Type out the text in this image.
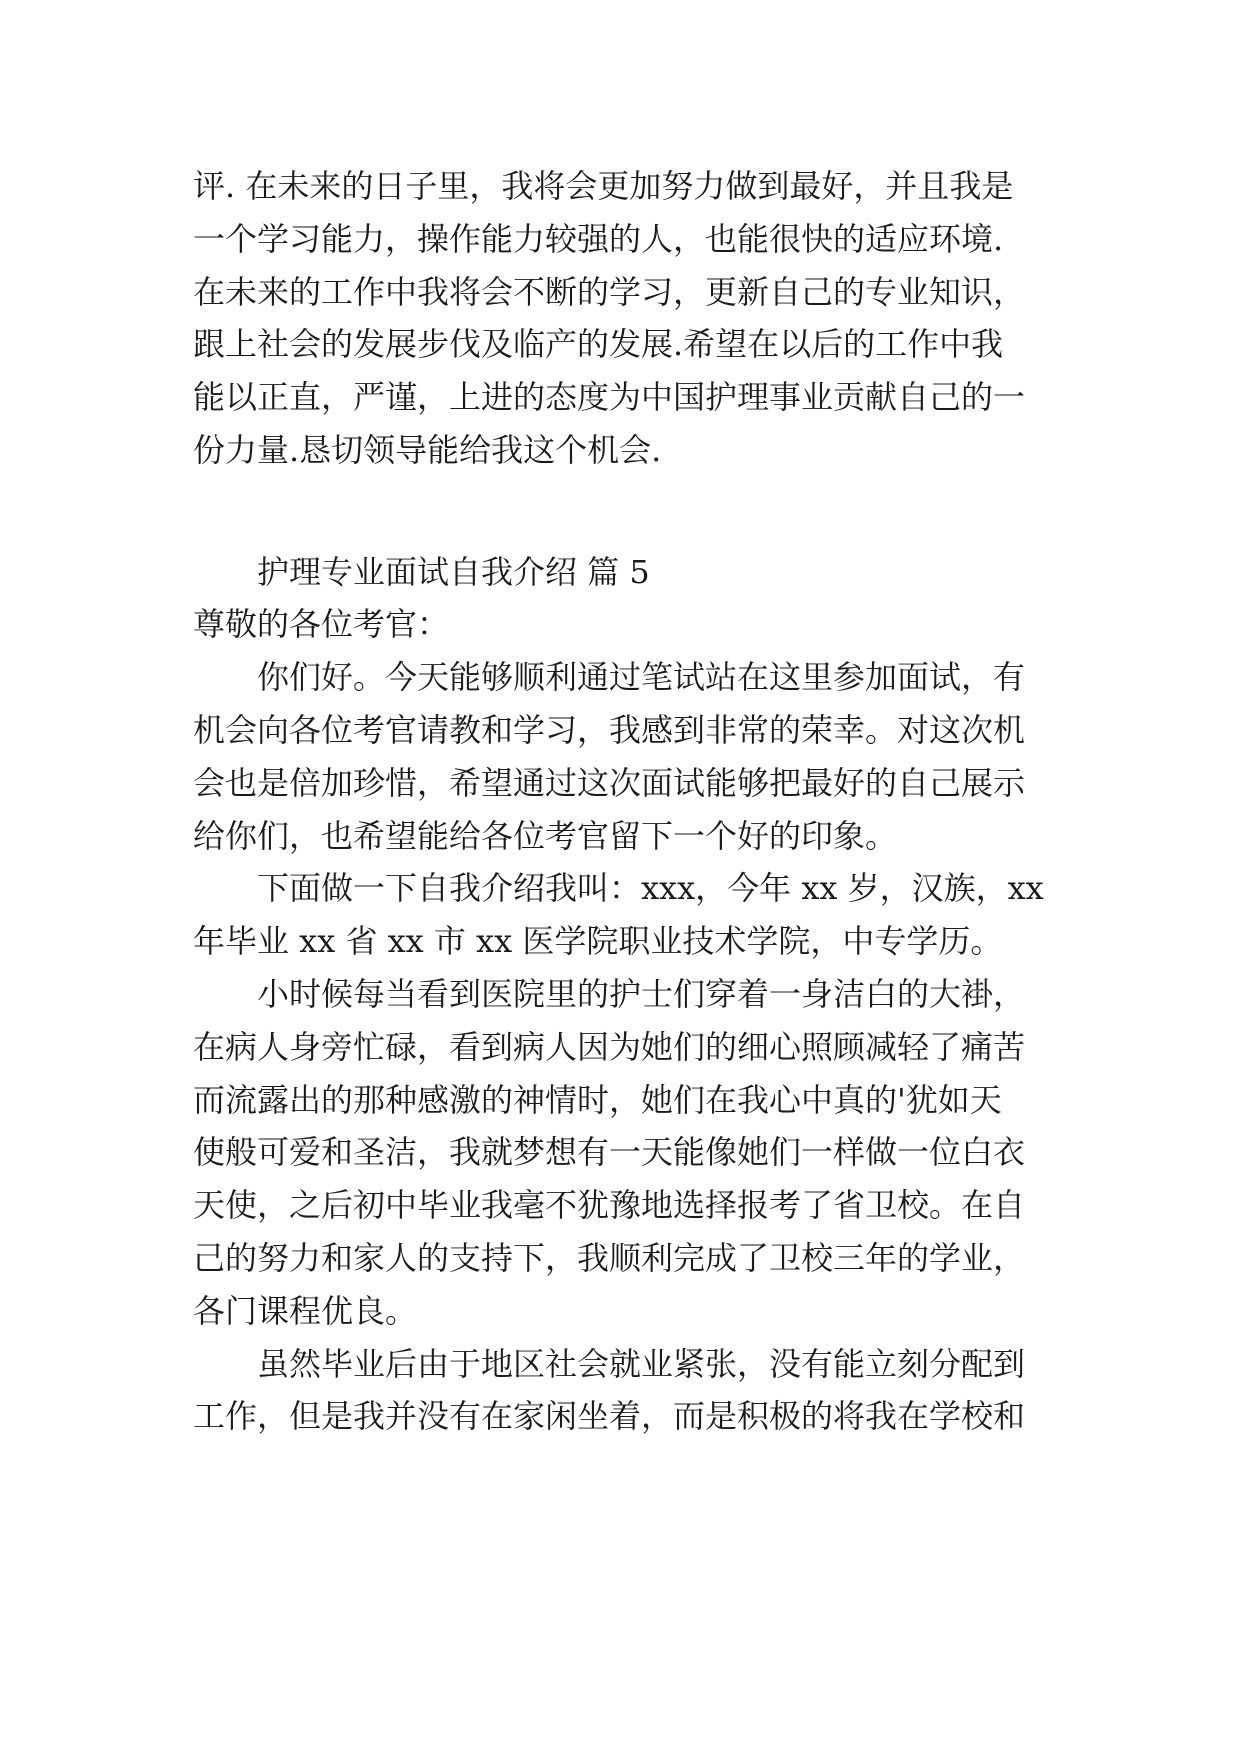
评. 在未来的日子里，我将会更加努力做到最好，并且我是
一个学习能力，操作能力较强的人，也能很快的适应环境.
在未来的工作中我将会不断的学习，更新自己的专业知识，
跟上社会的发展步伐及临产的发展.希望在以后的工作中我
能以正直，严谨，上进的态度为中国护理事业贡献自己的一
份力量.恳切领导能给我这个机会.
护理专业面试自我介绍 篇 5
尊敬的各位考官：
你们好。今天能够顺利通过笔试站在这里参加面试，有
机会向各位考官请教和学习，我感到非常的荣幸。对这次机
会也是倍加珍惜，希望通过这次面试能够把最好的自己展示
给你们，也希望能给各位考官留下一个好的印象。
下面做一下自我介绍我叫：xxx，今年 xx 岁，汉族，xx
年毕业 xx 省 xx 市 xx 医学院职业技术学院，中专学历。
小时候每当看到医院里的护士们穿着一身洁白的大褂，
在病人身旁忙碌，看到病人因为她们的细心照顾减轻了痛苦
而流露出的那种感激的神情时，她们在我心中真的'犹如天
使般可爱和圣洁，我就梦想有一天能像她们一样做一位白衣
天使，之后初中毕业我毫不犹豫地选择报考了省卫校。在自
己的努力和家人的支持下，我顺利完成了卫校三年的学业，
各门课程优良。
虽然毕业后由于地区社会就业紧张，没有能立刻分配到
工作，但是我并没有在家闲坐着，而是积极的将我在学校和
